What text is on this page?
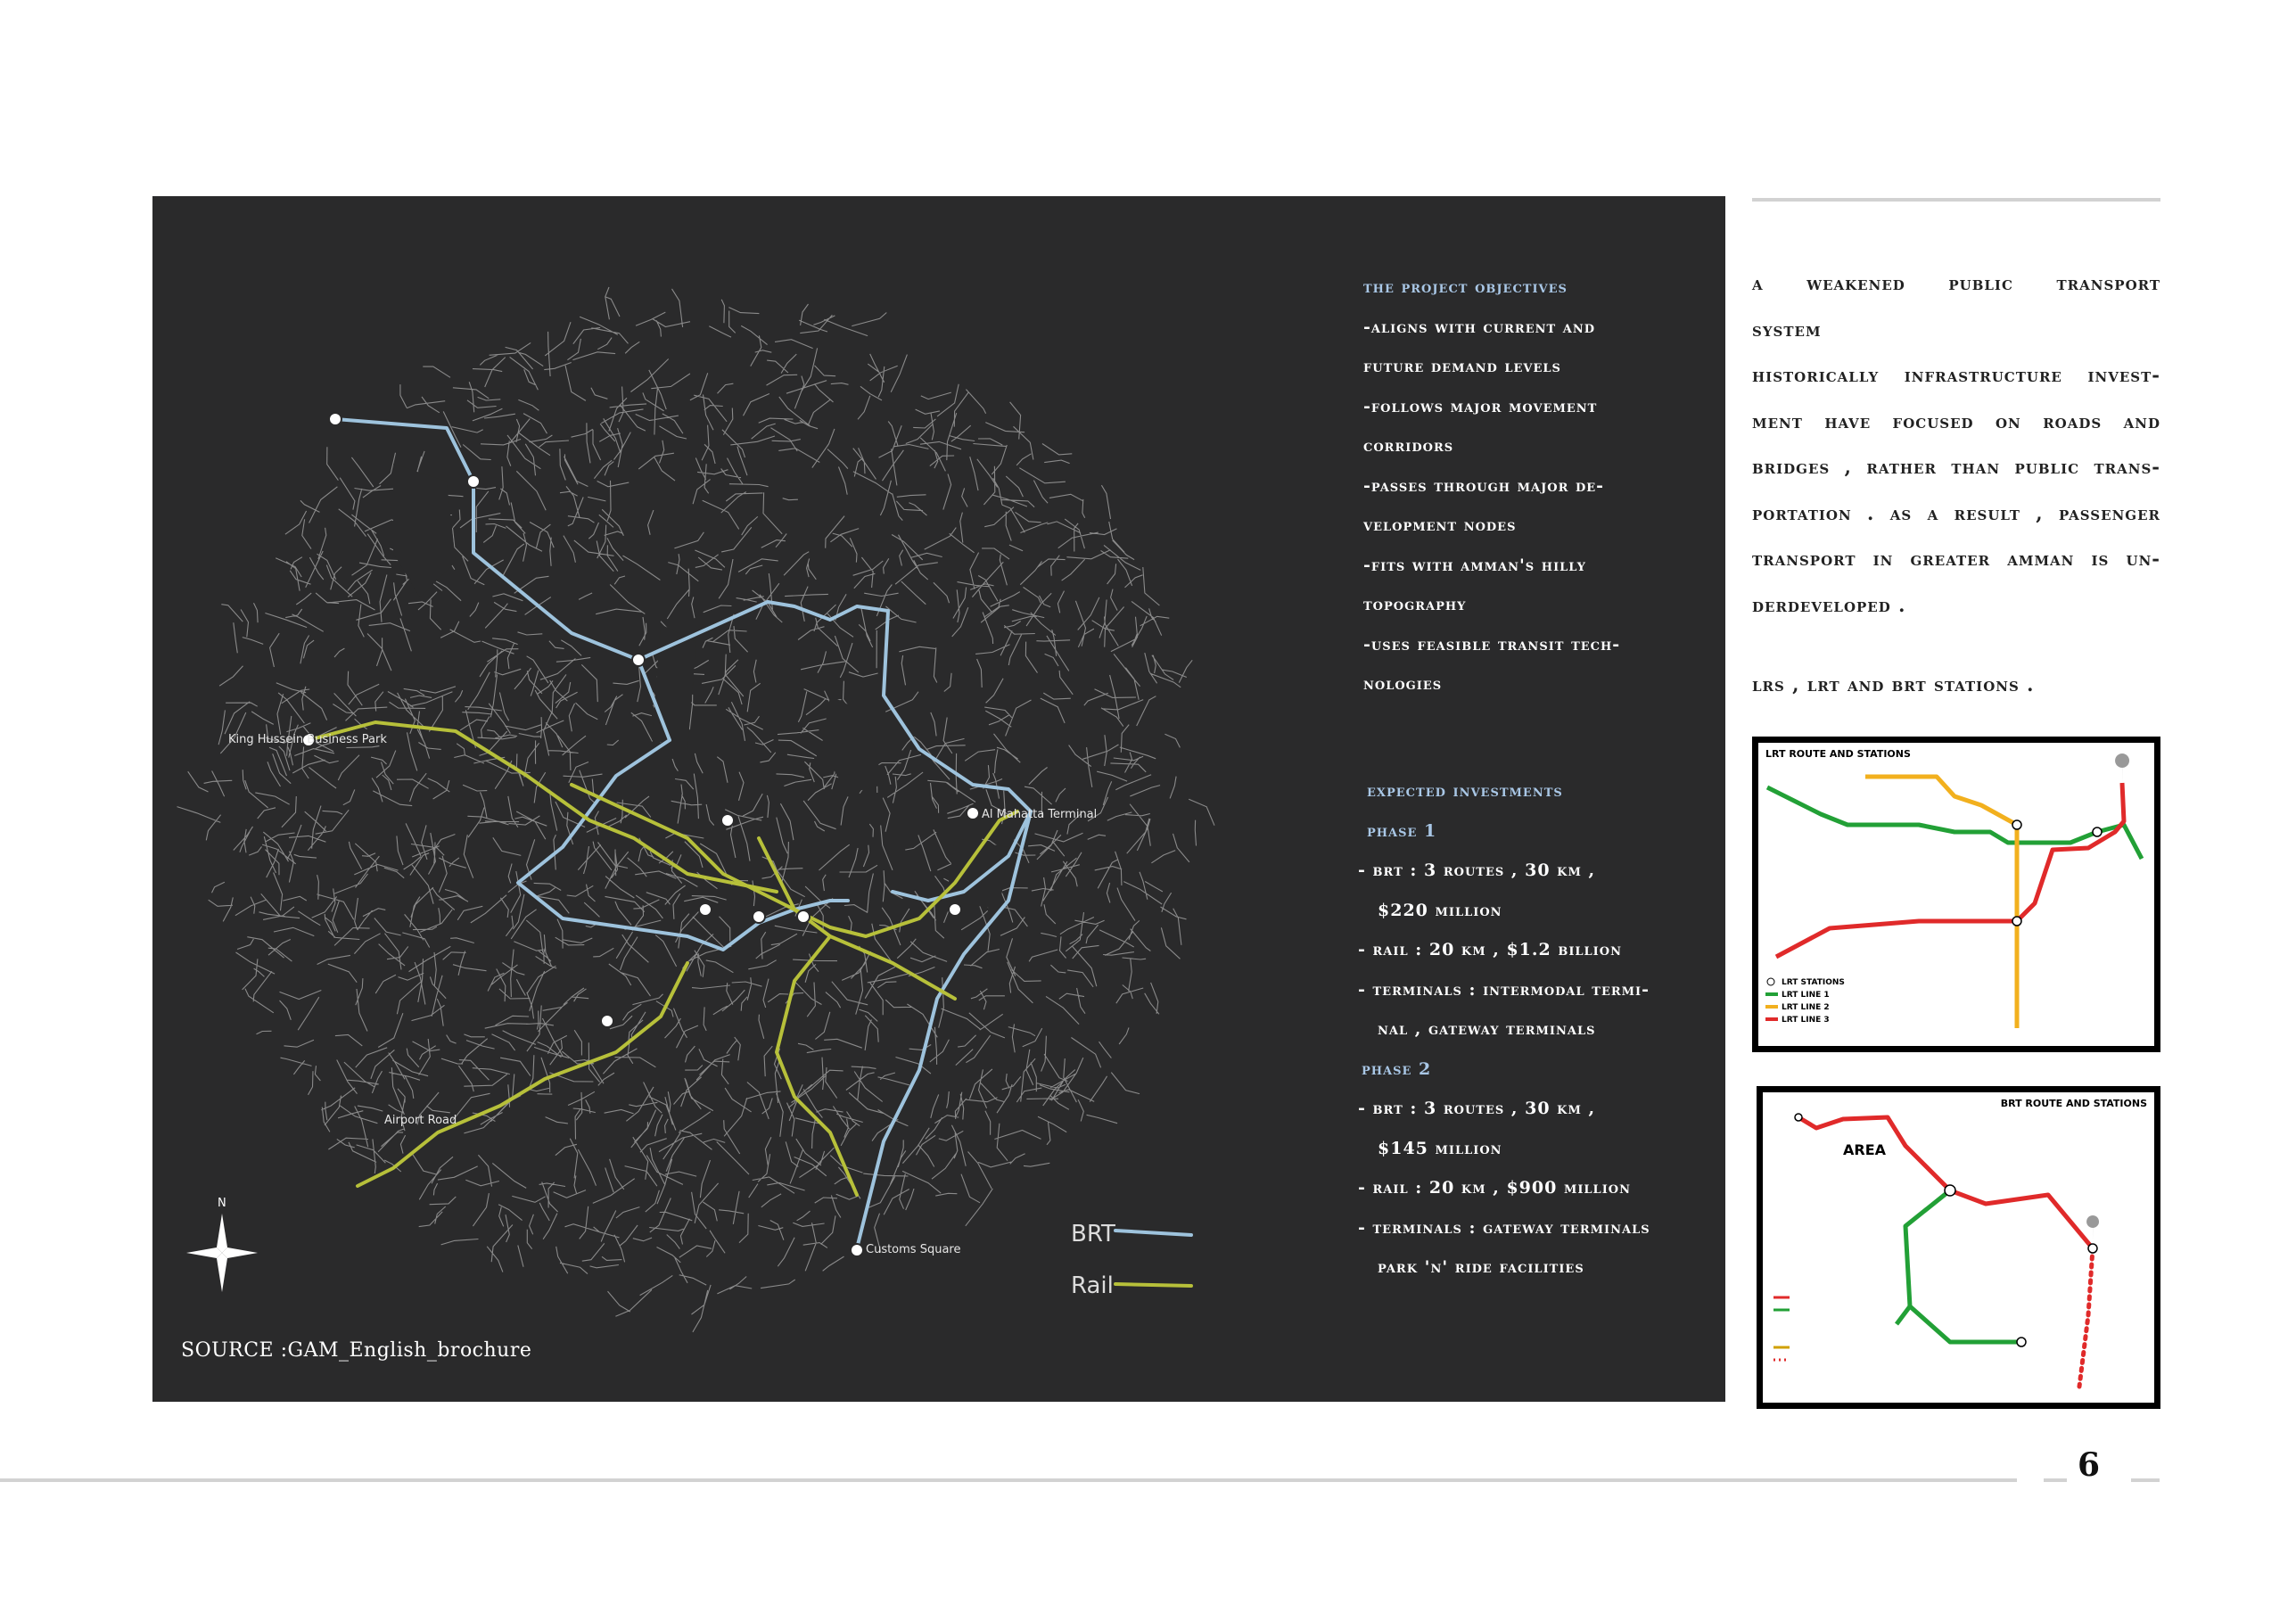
King Hussein Business Park
Airport Road
Customs Square
Al Mahatta Terminal
BRT
Rail
N
the project objectives
-aligns with current and
future demand levels
-follows major movement
corridors
-passes through major de-
velopment nodes
-fits with amman's hilly
topography
-uses feasible transit tech-
nologies
expected investments
phase 1
- brt : 3 routes , 30 km ,
$220 million
- rail : 20 km , $1.2 billion
- terminals : intermodal termi-
nal , gateway terminals
phase 2
- brt : 3 routes , 30 km ,
$145 million
- rail : 20 km , $900 million
- terminals : gateway terminals
park 'n' ride facilities
SOURCE :GAM_English_brochure
a weakened public transport
system
historically infrastructure invest-
ment have focused on roads and
bridges , rather than public trans-
portation . as a result , passenger
transport in greater amman is un-
derdeveloped .
lrs , lrt and brt stations .
LRT ROUTE AND STATIONS
LRT STATIONS
LRT LINE 1
LRT LINE 2
LRT LINE 3
BRT ROUTE AND STATIONS
AREA
6
